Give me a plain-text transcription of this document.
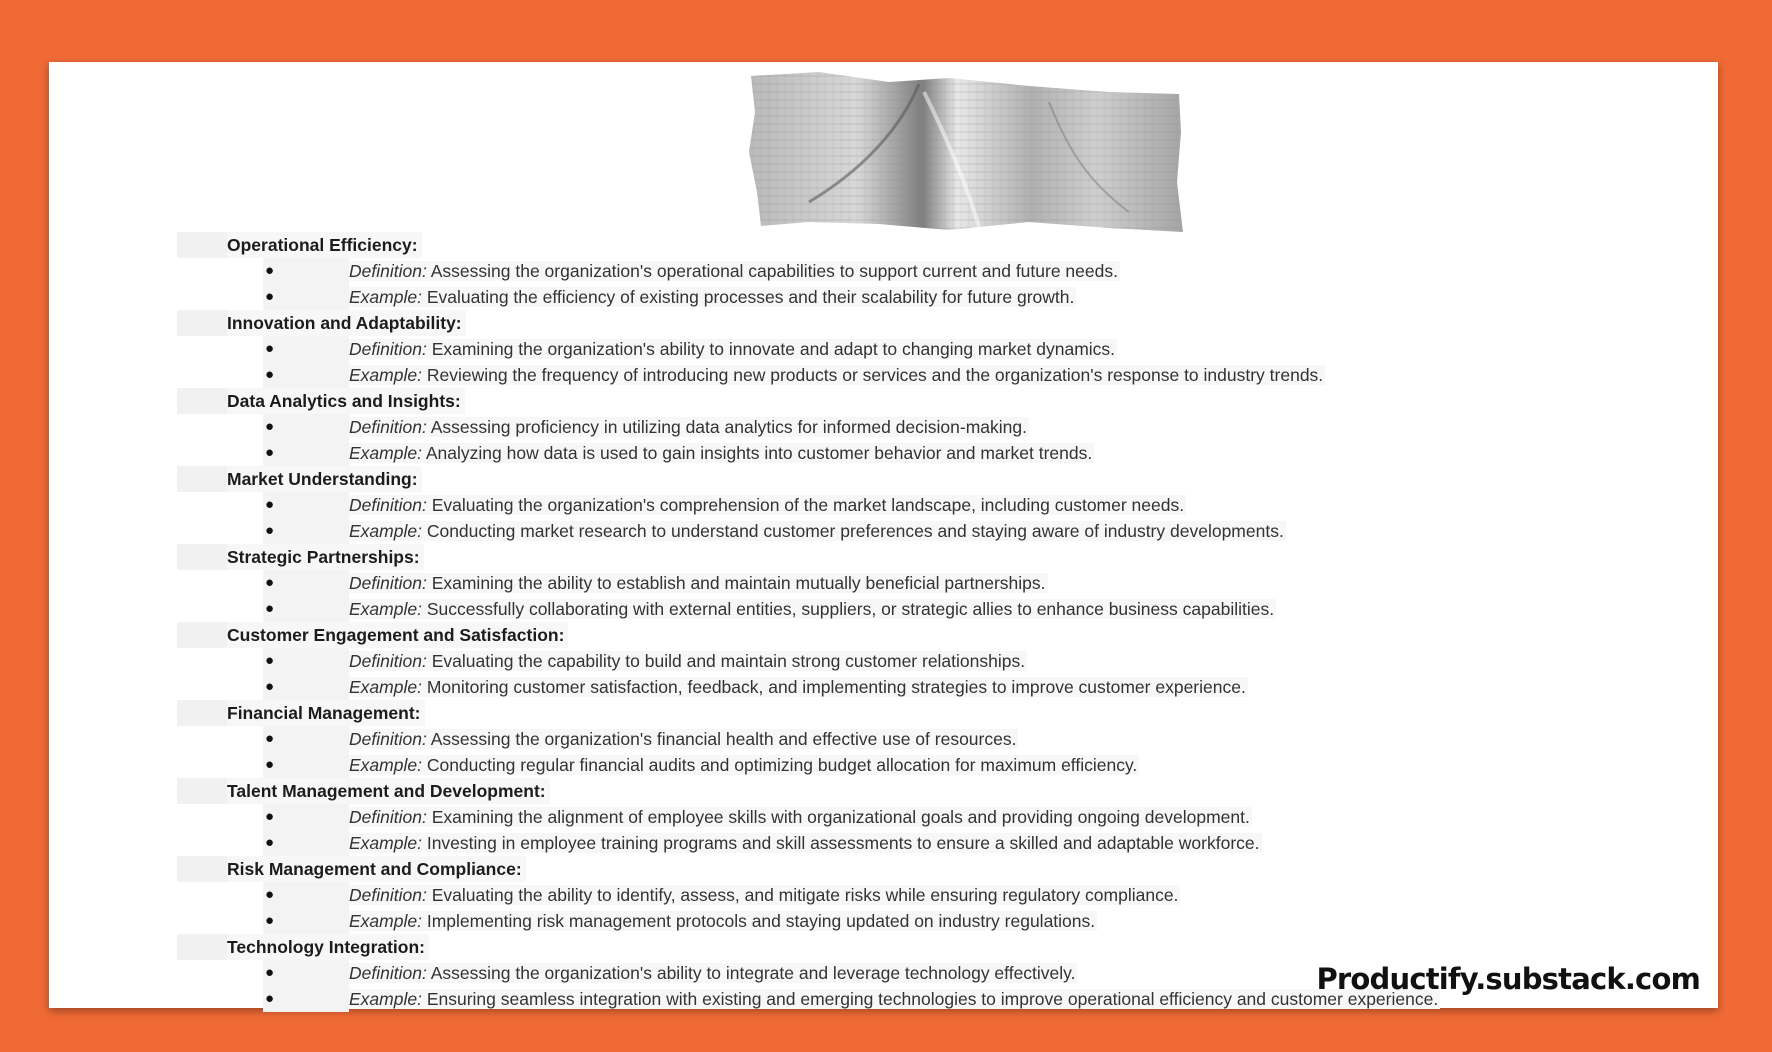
Operational Efficiency:
●	Definition: Assessing the organization's operational capabilities to support current and future needs.
●	Example: Evaluating the efficiency of existing processes and their scalability for future growth.
Innovation and Adaptability:
●	Definition: Examining the organization's ability to innovate and adapt to changing market dynamics.
●	Example: Reviewing the frequency of introducing new products or services and the organization's response to industry trends.
Data Analytics and Insights:
●	Definition: Assessing proficiency in utilizing data analytics for informed decision-making.
●	Example: Analyzing how data is used to gain insights into customer behavior and market trends.
Market Understanding:
●	Definition: Evaluating the organization's comprehension of the market landscape, including customer needs.
●	Example: Conducting market research to understand customer preferences and staying aware of industry developments.
Strategic Partnerships:
●	Definition: Examining the ability to establish and maintain mutually beneficial partnerships.
●	Example: Successfully collaborating with external entities, suppliers, or strategic allies to enhance business capabilities.
Customer Engagement and Satisfaction:
●	Definition: Evaluating the capability to build and maintain strong customer relationships.
●	Example: Monitoring customer satisfaction, feedback, and implementing strategies to improve customer experience.
Financial Management:
●	Definition: Assessing the organization's financial health and effective use of resources.
●	Example: Conducting regular financial audits and optimizing budget allocation for maximum efficiency.
Talent Management and Development:
●	Definition: Examining the alignment of employee skills with organizational goals and providing ongoing development.
●	Example: Investing in employee training programs and skill assessments to ensure a skilled and adaptable workforce.
Risk Management and Compliance:
●	Definition: Evaluating the ability to identify, assess, and mitigate risks while ensuring regulatory compliance.
●	Example: Implementing risk management protocols and staying updated on industry regulations.
Technology Integration:
●	Definition: Assessing the organization's ability to integrate and leverage technology effectively.
●	Example: Ensuring seamless integration with existing and emerging technologies to improve operational efficiency and customer experience.
Productify.substack.com
